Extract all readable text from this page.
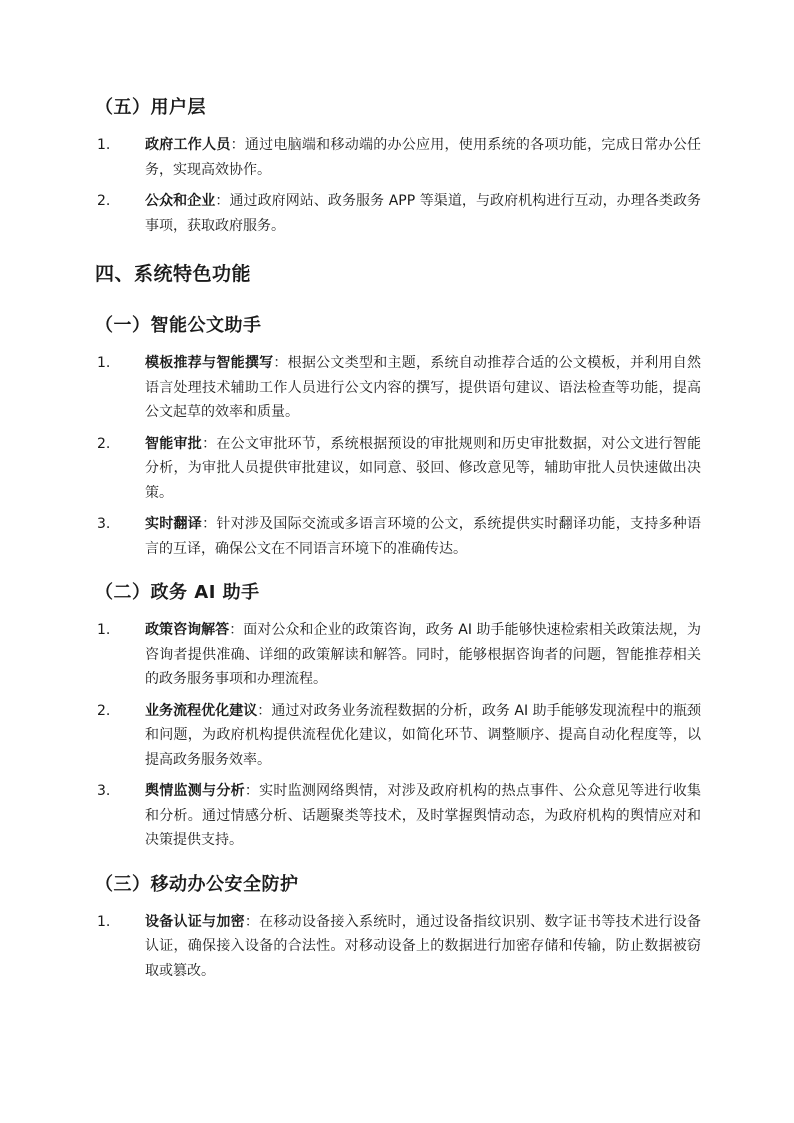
（五）用户层
1.	政府工作人员：通过电脑端和移动端的办公应用，使用系统的各项功能，完成日常办公任务，实现高效协作。
2.	公众和企业：通过政府网站、政务服务 APP 等渠道，与政府机构进行互动，办理各类政务事项，获取政府服务。
四、系统特色功能
（一）智能公文助手
1.	模板推荐与智能撰写：根据公文类型和主题，系统自动推荐合适的公文模板，并利用自然语言处理技术辅助工作人员进行公文内容的撰写，提供语句建议、语法检查等功能，提高公文起草的效率和质量。
2.	智能审批：在公文审批环节，系统根据预设的审批规则和历史审批数据，对公文进行智能分析，为审批人员提供审批建议，如同意、驳回、修改意见等，辅助审批人员快速做出决策。
3.	实时翻译：针对涉及国际交流或多语言环境的公文，系统提供实时翻译功能，支持多种语言的互译，确保公文在不同语言环境下的准确传达。
（二）政务 AI 助手
1.	政策咨询解答：面对公众和企业的政策咨询，政务 AI 助手能够快速检索相关政策法规，为咨询者提供准确、详细的政策解读和解答。同时，能够根据咨询者的问题，智能推荐相关的政务服务事项和办理流程。
2.	业务流程优化建议：通过对政务业务流程数据的分析，政务 AI 助手能够发现流程中的瓶颈和问题，为政府机构提供流程优化建议，如简化环节、调整顺序、提高自动化程度等，以提高政务服务效率。
3.	舆情监测与分析：实时监测网络舆情，对涉及政府机构的热点事件、公众意见等进行收集和分析。通过情感分析、话题聚类等技术，及时掌握舆情动态，为政府机构的舆情应对和决策提供支持。
（三）移动办公安全防护
1.	设备认证与加密：在移动设备接入系统时，通过设备指纹识别、数字证书等技术进行设备认证，确保接入设备的合法性。对移动设备上的数据进行加密存储和传输，防止数据被窃取或篡改。
